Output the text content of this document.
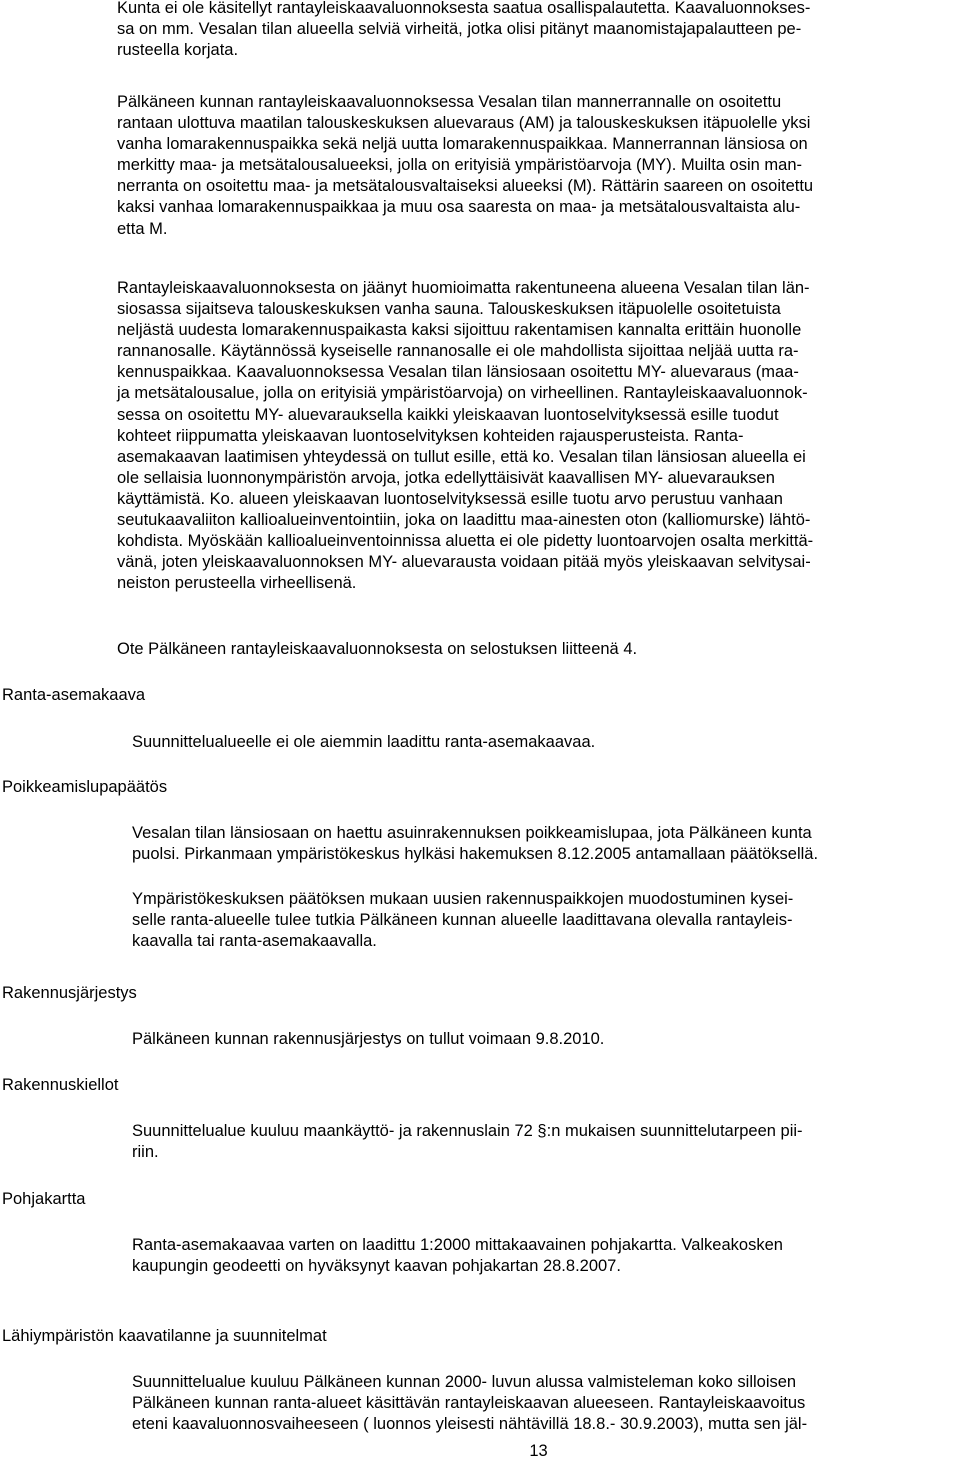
Kunta ei ole käsitellyt rantayleiskaavaluonnoksesta saatua osallispalautetta. Kaavaluonnokses-
sa on mm. Vesalan tilan alueella selviä virheitä, jotka olisi pitänyt maanomistajapalautteen pe-
rusteella korjata.
Pälkäneen kunnan rantayleiskaavaluonnoksessa Vesalan tilan mannerrannalle on osoitettu
rantaan ulottuva maatilan talouskeskuksen aluevaraus (AM) ja talouskeskuksen itäpuolelle yksi
vanha lomarakennuspaikka sekä neljä uutta lomarakennuspaikkaa. Mannerrannan länsiosa on
merkitty maa- ja metsätalousalueeksi, jolla on erityisiä ympäristöarvoja (MY). Muilta osin man-
nerranta on osoitettu maa- ja metsätalousvaltaiseksi alueeksi (M). Rättärin saareen on osoitettu
kaksi vanhaa lomarakennuspaikkaa ja muu osa saaresta on maa- ja metsätalousvaltaista alu-
etta M.
Rantayleiskaavaluonnoksesta on jäänyt huomioimatta rakentuneena alueena Vesalan tilan län-
siosassa sijaitseva talouskeskuksen vanha sauna. Talouskeskuksen itäpuolelle osoitetuista
neljästä uudesta lomarakennuspaikasta kaksi sijoittuu rakentamisen kannalta erittäin huonolle
rannanosalle. Käytännössä kyseiselle rannanosalle ei ole mahdollista sijoittaa neljää uutta ra-
kennuspaikkaa. Kaavaluonnoksessa Vesalan tilan länsiosaan osoitettu MY- aluevaraus (maa-
ja metsätalousalue, jolla on erityisiä ympäristöarvoja) on virheellinen. Rantayleiskaavaluonnok-
sessa on osoitettu MY- aluevarauksella kaikki yleiskaavan luontoselvityksessä esille tuodut
kohteet riippumatta yleiskaavan luontoselvityksen kohteiden rajausperusteista. Ranta-
asemakaavan laatimisen yhteydessä on tullut esille, että ko. Vesalan tilan länsiosan alueella ei
ole sellaisia luonnonympäristön arvoja, jotka edellyttäisivät kaavallisen MY- aluevarauksen
käyttämistä. Ko. alueen yleiskaavan luontoselvityksessä esille tuotu arvo perustuu vanhaan
seutukaavaliiton kallioalueinventointiin, joka on laadittu maa-ainesten oton (kalliomurske) lähtö-
kohdista. Myöskään kallioalueinventoinnissa aluetta ei ole pidetty luontoarvojen osalta merkittä-
vänä, joten yleiskaavaluonnoksen MY- aluevarausta voidaan pitää myös yleiskaavan selvitysai-
neiston perusteella virheellisenä.
Ote Pälkäneen rantayleiskaavaluonnoksesta on selostuksen liitteenä 4.

Ranta-asemakaava

Suunnittelualueelle ei ole aiemmin laadittu ranta-asemakaavaa.

Poikkeamislupapäätös

Vesalan tilan länsiosaan on haettu asuinrakennuksen poikkeamislupaa, jota Pälkäneen kunta
puolsi. Pirkanmaan ympäristökeskus hylkäsi hakemuksen 8.12.2005 antamallaan päätöksellä.
Ympäristökeskuksen päätöksen mukaan uusien rakennuspaikkojen muodostuminen kysei-
selle ranta-alueelle tulee tutkia Pälkäneen kunnan alueelle laadittavana olevalla rantayleis-
kaavalla tai ranta-asemakaavalla.

Rakennusjärjestys

Pälkäneen kunnan rakennusjärjestys on tullut voimaan 9.8.2010.

Rakennuskiellot

Suunnittelualue kuuluu maankäyttö- ja rakennuslain 72 §:n mukaisen suunnittelutarpeen pii-
riin.

Pohjakartta

Ranta-asemakaavaa varten on laadittu 1:2000 mittakaavainen pohjakartta. Valkeakosken
kaupungin geodeetti on hyväksynyt kaavan pohjakartan 28.8.2007.

Lähiympäristön kaavatilanne ja suunnitelmat

Suunnittelualue kuuluu Pälkäneen kunnan 2000- luvun alussa valmisteleman koko silloisen
Pälkäneen kunnan ranta-alueet käsittävän rantayleiskaavan alueeseen. Rantayleiskaavoitus
eteni kaavaluonnosvaiheeseen ( luonnos yleisesti nähtävillä 18.8.- 30.9.2003), mutta sen jäl-
13
